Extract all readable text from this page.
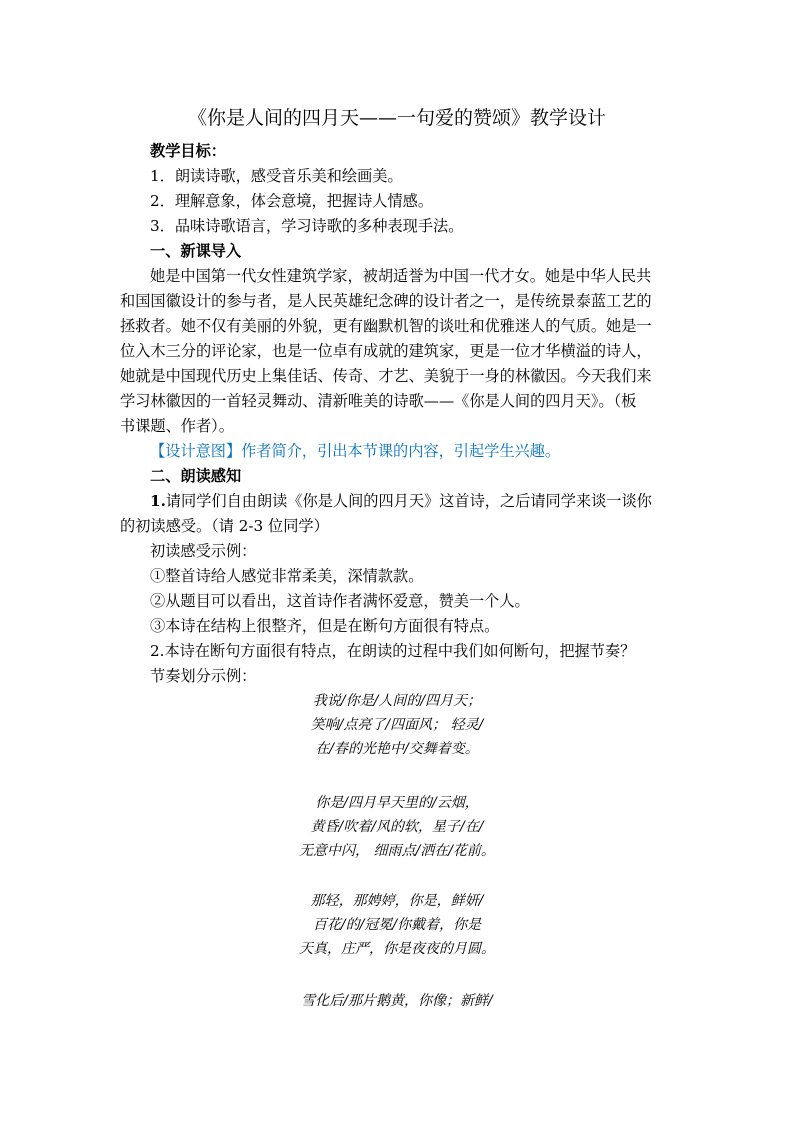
《你是人间的四月天——一句爱的赞颂》教学设计
教学目标：
1．朗读诗歌，感受音乐美和绘画美。
2．理解意象，体会意境，把握诗人情感。
3．品味诗歌语言，学习诗歌的多种表现手法。
一、新课导入
她是中国第一代女性建筑学家，被胡适誉为中国一代才女。她是中华人民共
和国国徽设计的参与者，是人民英雄纪念碑的设计者之一，是传统景泰蓝工艺的
拯救者。她不仅有美丽的外貌，更有幽默机智的谈吐和优雅迷人的气质。她是一
位入木三分的评论家，也是一位卓有成就的建筑家，更是一位才华横溢的诗人，
她就是中国现代历史上集佳话、传奇、才艺、美貌于一身的林徽因。今天我们来
学习林徽因的一首轻灵舞动、清新唯美的诗歌——《你是人间的四月天》。（板
书课题、作者）。
【设计意图】作者简介，引出本节课的内容，引起学生兴趣。
二、朗读感知
1.请同学们自由朗读《你是人间的四月天》这首诗，之后请同学来谈一谈你
的初读感受。（请 2-3 位同学）
初读感受示例：
①整首诗给人感觉非常柔美，深情款款。
②从题目可以看出，这首诗作者满怀爱意，赞美一个人。
③本诗在结构上很整齐，但是在断句方面很有特点。
2.本诗在断句方面很有特点，在朗读的过程中我们如何断句，把握节奏？
节奏划分示例：
我说/你是/人间的/四月天；
笑响/点亮了/四面风； 轻灵/
在/春的光艳中/交舞着变。
你是/四月早天里的/云烟，
黄昏/吹着/风的软，星子/在/
无意中闪， 细雨点/洒在/花前。
那轻，那娉婷，你是，鲜妍/
百花/的/冠冕/你戴着，你是
天真，庄严，你是夜夜的月圆。
雪化后/那片鹅黄，你像；新鲜/
